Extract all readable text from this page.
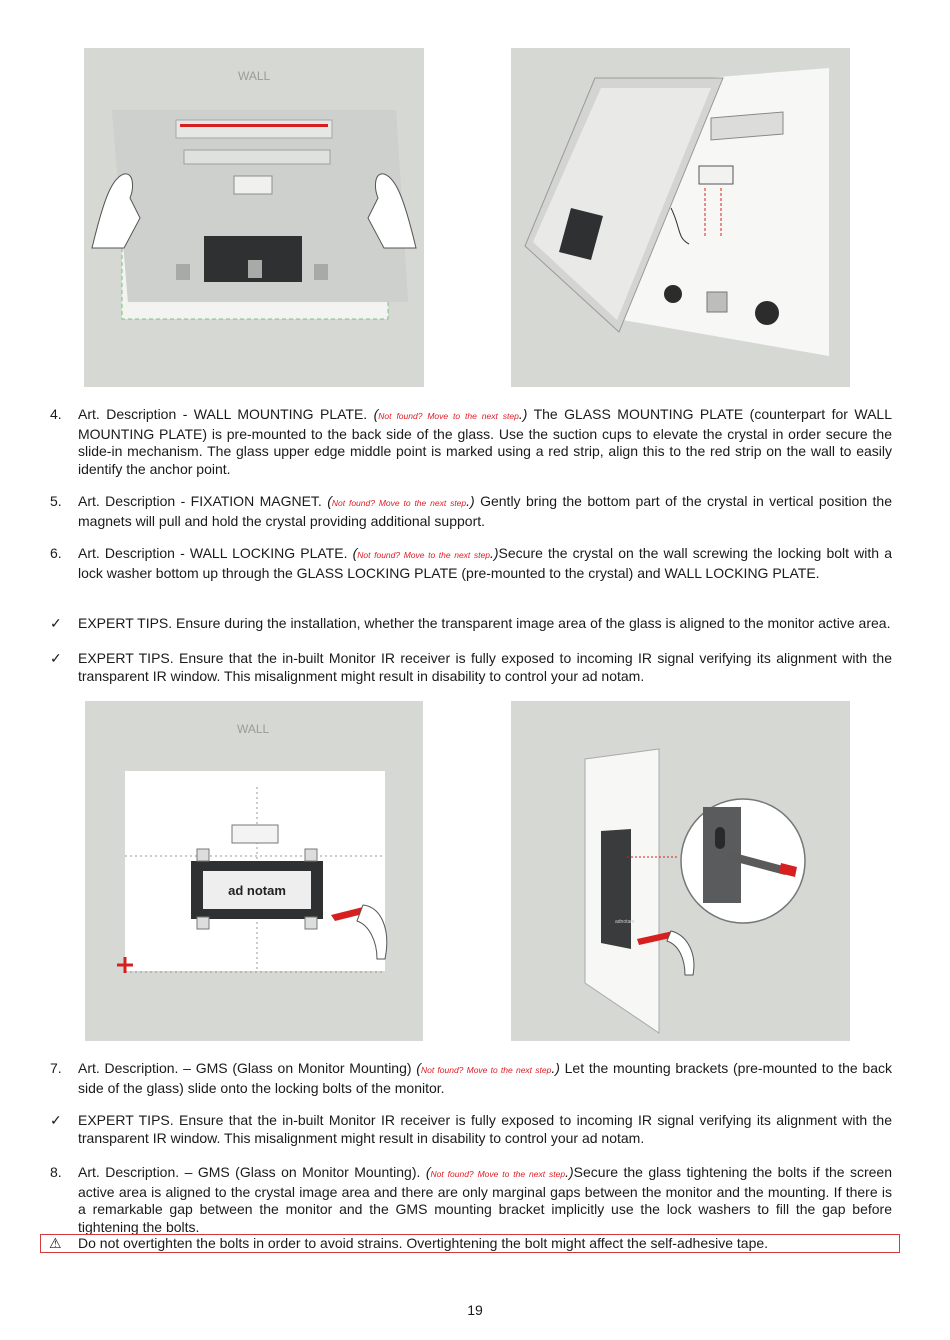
WALL
4. Art. Description - WALL MOUNTING PLATE. (Not found? Move to the next step.) The GLASS MOUNTING PLATE (counterpart for WALL MOUNTING PLATE) is pre-mounted to the back side of the glass. Use the suction cups to elevate the crystal in order secure the slide-in mechanism. The glass upper edge middle point is marked using a red strip, align this to the red strip on the wall to easily identify the anchor point.
5. Art. Description - FIXATION MAGNET. (Not found? Move to the next step.) Gently bring the bottom part of the crystal in vertical position the magnets will pull and hold the crystal providing additional support.
6. Art. Description - WALL LOCKING PLATE. (Not found? Move to the next step.)Secure the crystal on the wall screwing the locking bolt with a lock washer bottom up through the GLASS LOCKING PLATE (pre-mounted to the crystal) and WALL LOCKING PLATE.
✓ EXPERT TIPS. Ensure during the installation, whether the transparent image area of the glass is aligned to the monitor active area.
✓ EXPERT TIPS. Ensure that the in-built Monitor IR receiver is fully exposed to incoming IR signal verifying its alignment with the transparent IR window. This misalignment might result in disability to control your ad notam.
WALL
ad notam
adnotam
7. Art. Description. – GMS (Glass on Monitor Mounting) (Not found? Move to the next step.) Let the mounting brackets (pre-mounted to the back side of the glass) slide onto the locking bolts of the monitor.
✓ EXPERT TIPS. Ensure that the in-built Monitor IR receiver is fully exposed to incoming IR signal verifying its alignment with the transparent IR window. This misalignment might result in disability to control your ad notam.
8. Art. Description. – GMS (Glass on Monitor Mounting). (Not found? Move to the next step.)Secure the glass tightening the bolts if the screen active area is aligned to the crystal image area and there are only marginal gaps between the monitor and the mounting. If there is a remarkable gap between the monitor and the GMS mounting bracket implicitly use the lock washers to fill the gap before tightening the bolts.
⚠ Do not overtighten the bolts in order to avoid strains. Overtightening the bolt might affect the self-adhesive tape.
19
